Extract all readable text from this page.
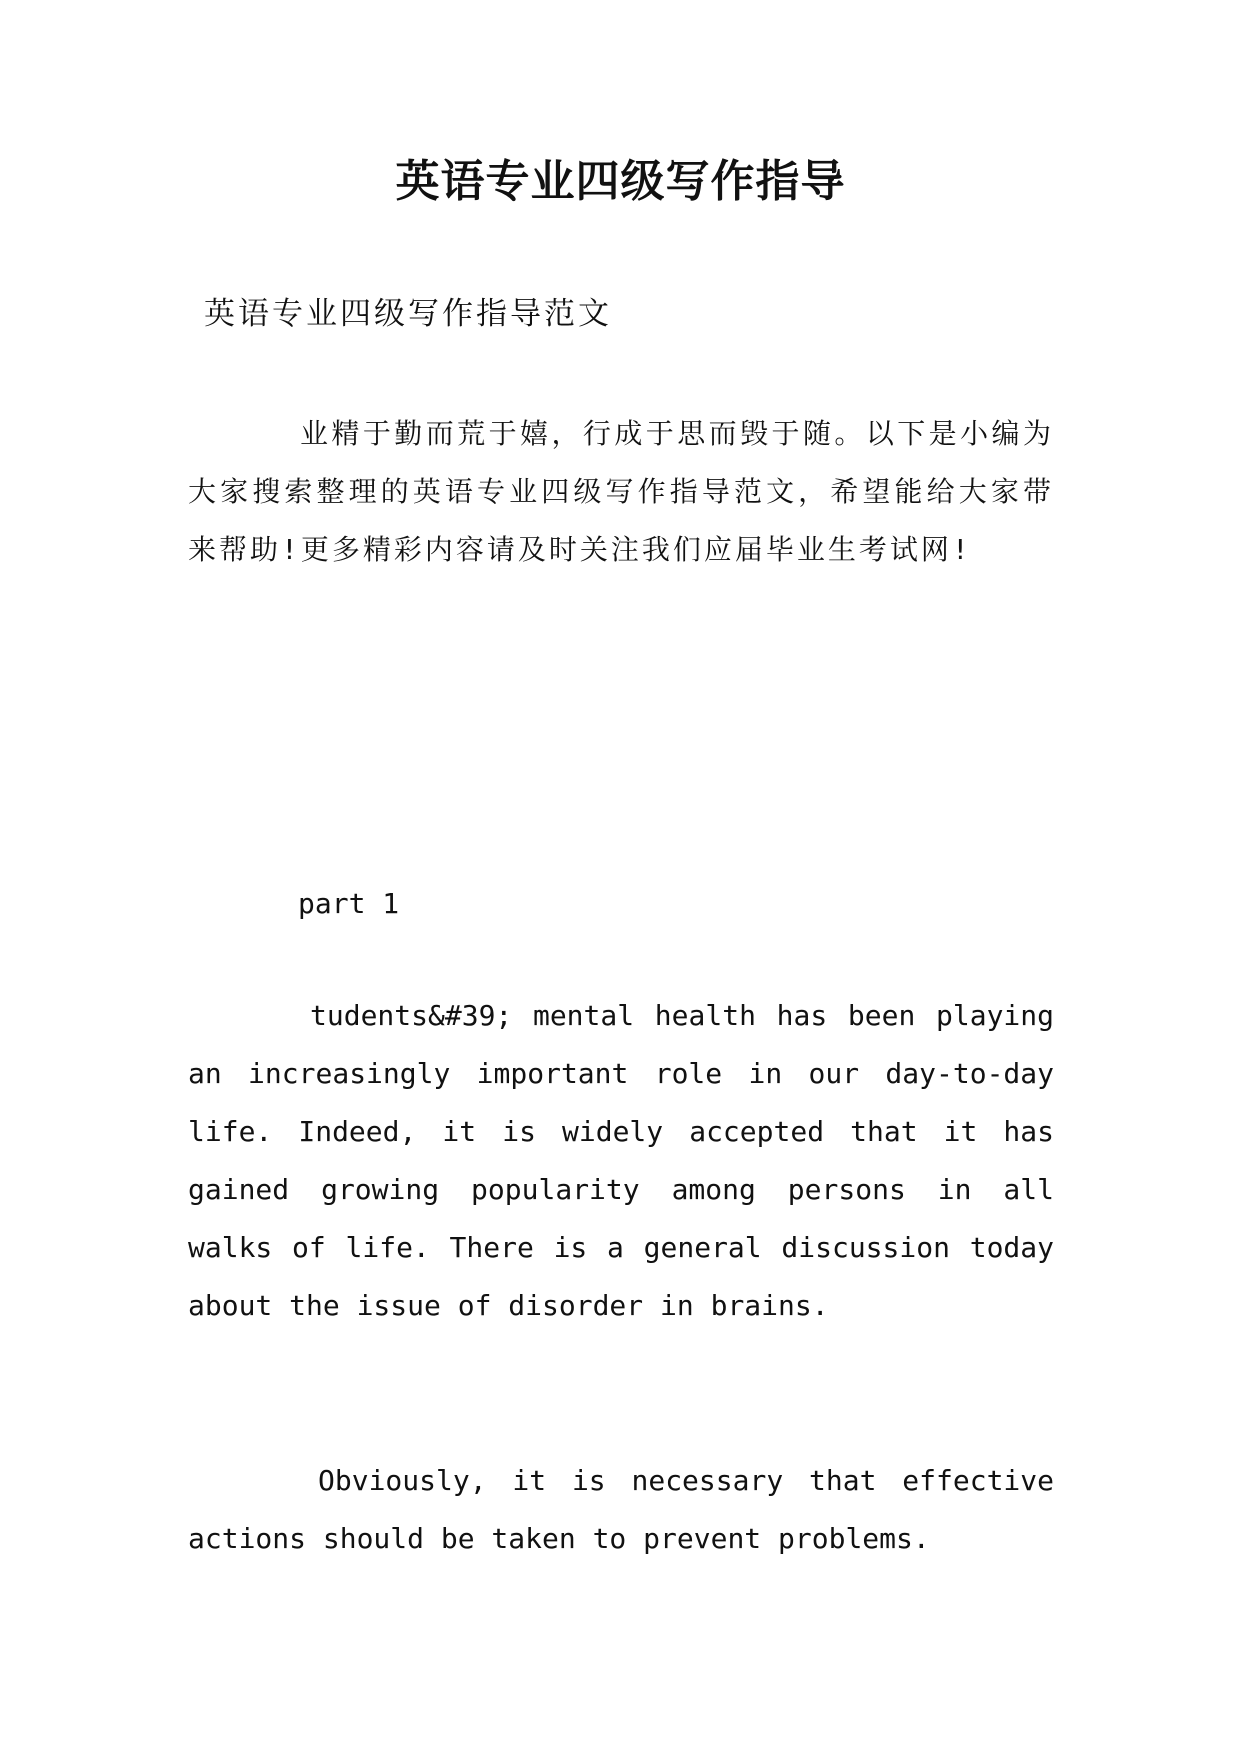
英语专业四级写作指导
英语专业四级写作指导范文

业精于勤而荒于嬉，行成于思而毁于随。以下是小编为大家搜索整理的英语专业四级写作指导范文，希望能给大家带来帮助!更多精彩内容请及时关注我们应届毕业生考试网!

part 1

tudents&#39; mental health has been playing an increasingly important role in our day-to-day life. Indeed, it is widely accepted that it has gained growing popularity among persons in all walks of life. There is a general discussion today about the issue of disorder in brains.

Obviously, it is necessary that effective actions should be taken to prevent problems.
